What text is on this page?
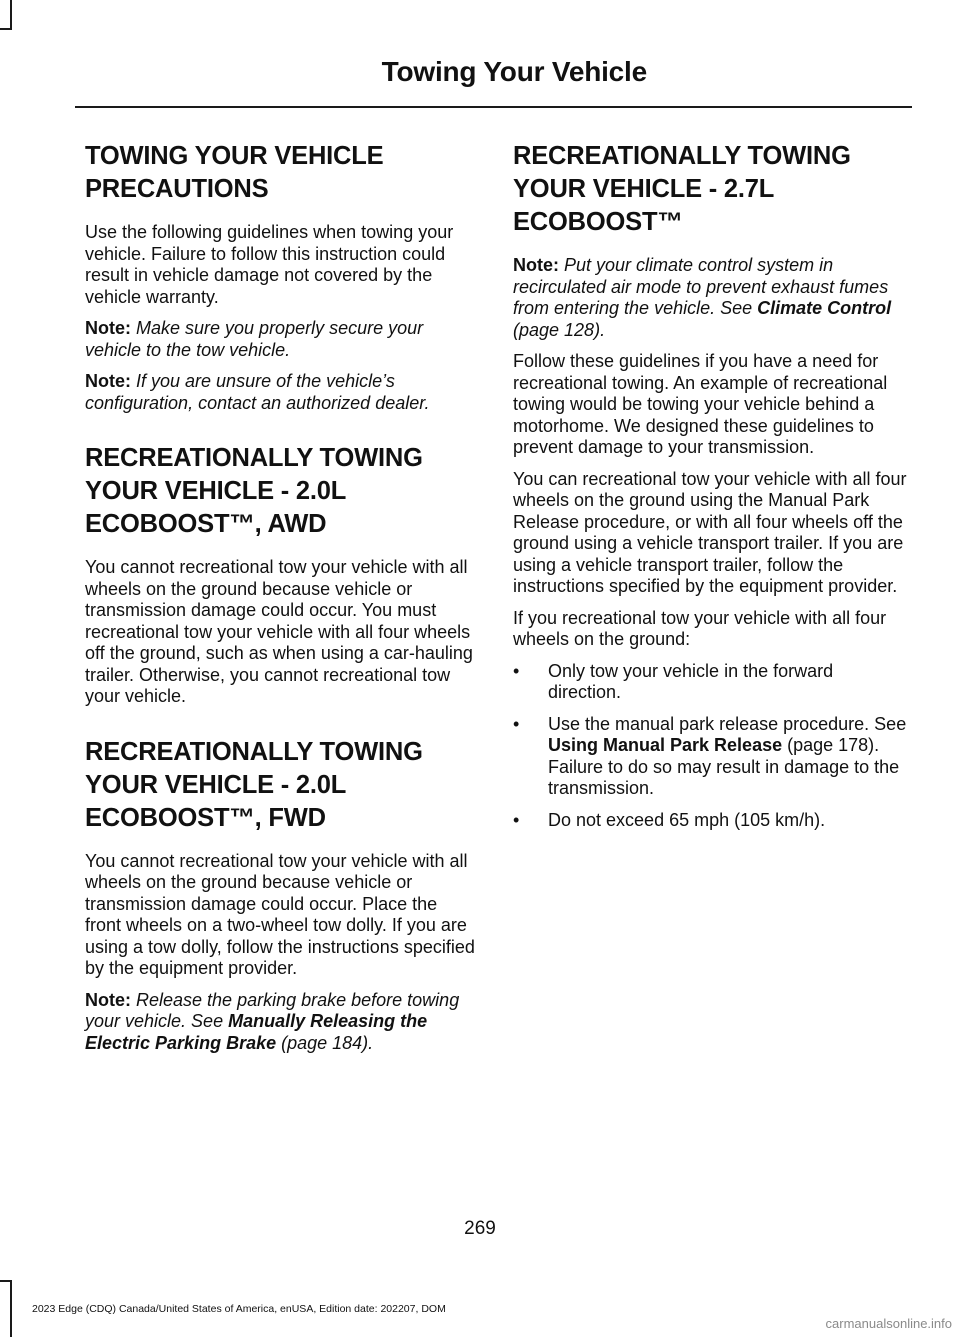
Towing Your Vehicle
TOWING YOUR VEHICLE
PRECAUTIONS

Use the following guidelines when towing your vehicle. Failure to follow this instruction could result in vehicle damage not covered by the vehicle warranty.

Note: Make sure you properly secure your vehicle to the tow vehicle.

Note: If you are unsure of the vehicle’s configuration, contact an authorized dealer.

RECREATIONALLY TOWING
YOUR VEHICLE - 2.0L
ECOBOOST™, AWD

You cannot recreational tow your vehicle with all wheels on the ground because vehicle or transmission damage could occur. You must recreational tow your vehicle with all four wheels off the ground, such as when using a car-hauling trailer. Otherwise, you cannot recreational tow your vehicle.

RECREATIONALLY TOWING
YOUR VEHICLE - 2.0L
ECOBOOST™, FWD

You cannot recreational tow your vehicle with all wheels on the ground because vehicle or transmission damage could occur. Place the front wheels on a two-wheel tow dolly. If you are using a tow dolly, follow the instructions specified by the equipment provider.

Note: Release the parking brake before towing your vehicle. See Manually Releasing the Electric Parking Brake (page 184).

RECREATIONALLY TOWING
YOUR VEHICLE - 2.7L
ECOBOOST™

Note: Put your climate control system in recirculated air mode to prevent exhaust fumes from entering the vehicle. See Climate Control (page 128).

Follow these guidelines if you have a need for recreational towing. An example of recreational towing would be towing your vehicle behind a motorhome. We designed these guidelines to prevent damage to your transmission.

You can recreational tow your vehicle with all four wheels on the ground using the Manual Park Release procedure, or with all four wheels off the ground using a vehicle transport trailer. If you are using a vehicle transport trailer, follow the instructions specified by the equipment provider.

If you recreational tow your vehicle with all four wheels on the ground:

• Only tow your vehicle in the forward direction.
• Use the manual park release procedure. See Using Manual Park Release (page 178). Failure to do so may result in damage to the transmission.
• Do not exceed 65 mph (105 km/h).
269
2023 Edge (CDQ) Canada/United States of America, enUSA, Edition date: 202207, DOM
carmanualsonline.info
